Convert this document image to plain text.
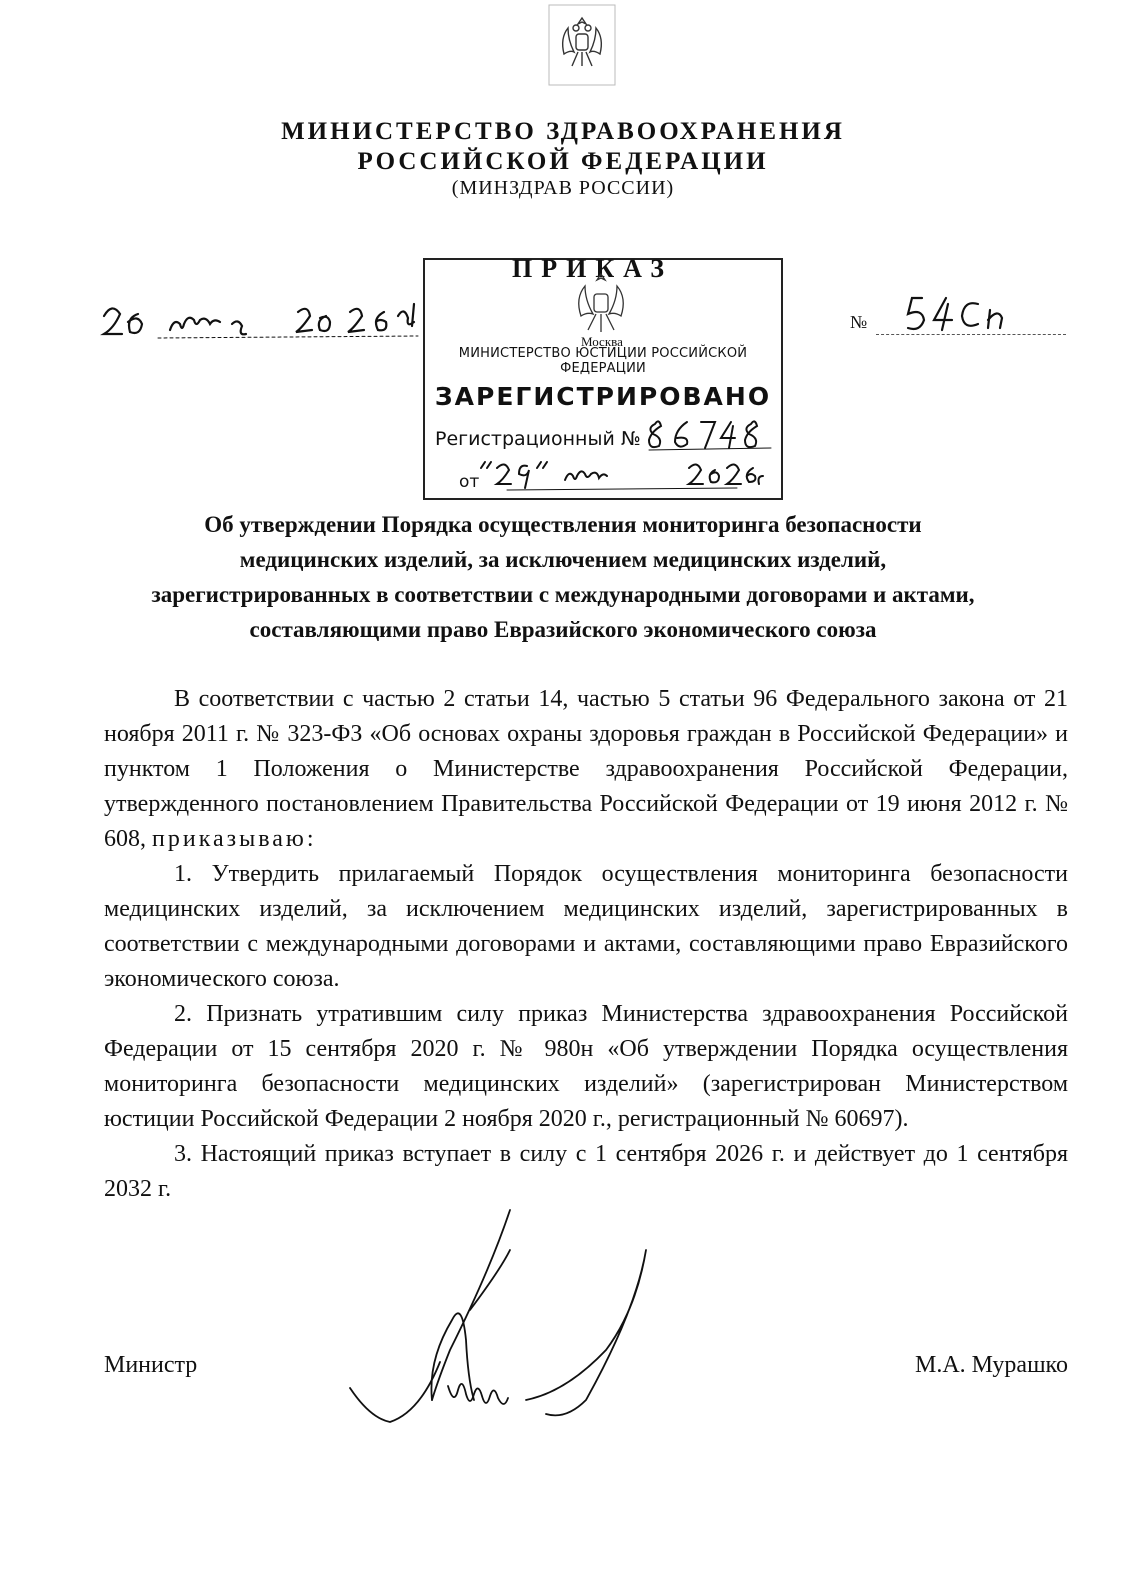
МИНИСТЕРСТВО ЗДРАВООХРАНЕНИЯ
РОССИЙСКОЙ ФЕДЕРАЦИИ
(МИНЗДРАВ РОССИИ)
№
ПРИКАЗ
Москва
МИНИСТЕРСТВО ЮСТИЦИИ РОССИЙСКОЙ ФЕДЕРАЦИИ
ЗАРЕГИСТРИРОВАНО
Регистрационный №
от
Об утверждении Порядка осуществления мониторинга безопасности
медицинских изделий, за исключением медицинских изделий,
зарегистрированных в соответствии с международными договорами и актами,
составляющими право Евразийского экономического союза

В соответствии с частью 2 статьи 14, частью 5 статьи 96 Федерального закона от 21 ноября 2011 г. № 323-ФЗ «Об основах охраны здоровья граждан в Российской Федерации» и пунктом 1 Положения о Министерстве здравоохранения Российской Федерации, утвержденного постановлением Правительства Российской Федерации от 19 июня 2012 г. № 608, приказываю:

1. Утвердить прилагаемый Порядок осуществления мониторинга безопасности медицинских изделий, за исключением медицинских изделий, зарегистрированных в соответствии с международными договорами и актами, составляющими право Евразийского экономического союза.

2. Признать утратившим силу приказ Министерства здравоохранения Российской Федерации от 15 сентября 2020 г. № 980н «Об утверждении Порядка осуществления мониторинга безопасности медицинских изделий» (зарегистрирован Министерством юстиции Российской Федерации 2 ноября 2020 г., регистрационный № 60697).

3. Настоящий приказ вступает в силу с 1 сентября 2026 г. и действует до 1 сентября 2032 г.

Министр	М.А. Мурашко
